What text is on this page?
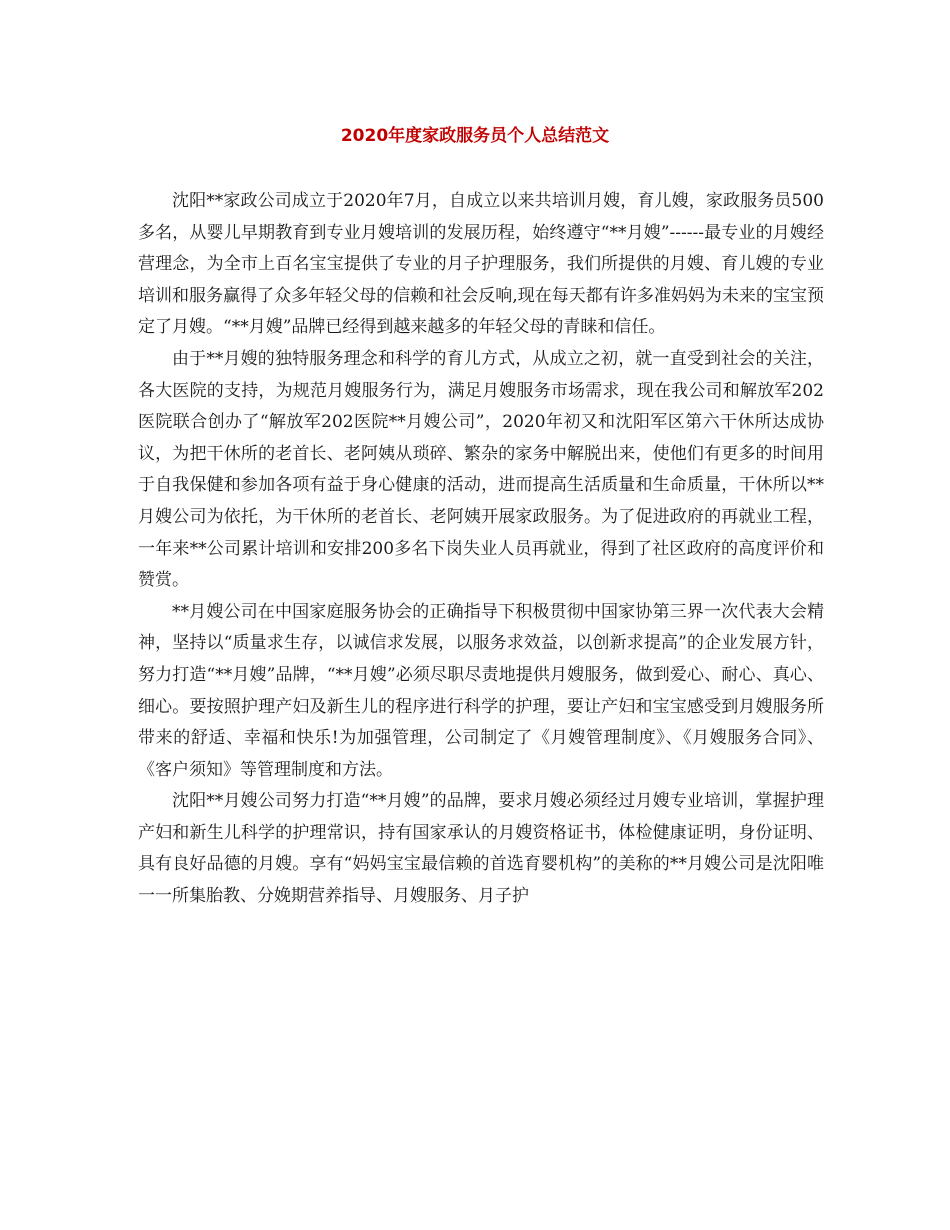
2020年度家政服务员个人总结范文

沈阳**家政公司成立于2020年7月，自成立以来共培训月嫂，育儿嫂，家政服务员500多名，从婴儿早期教育到专业月嫂培训的发展历程，始终遵守“**月嫂”------最专业的月嫂经营理念，为全市上百名宝宝提供了专业的月子护理服务，我们所提供的月嫂、育儿嫂的专业培训和服务赢得了众多年轻父母的信赖和社会反响,现在每天都有许多准妈妈为未来的宝宝预定了月嫂。“**月嫂”品牌已经得到越来越多的年轻父母的青睐和信任。

由于**月嫂的独特服务理念和科学的育儿方式，从成立之初，就一直受到社会的关注，各大医院的支持，为规范月嫂服务行为，满足月嫂服务市场需求，现在我公司和解放军202医院联合创办了“解放军202医院**月嫂公司”，2020年初又和沈阳军区第六干休所达成协议，为把干休所的老首长、老阿姨从琐碎、繁杂的家务中解脱出来，使他们有更多的时间用于自我保健和参加各项有益于身心健康的活动，进而提高生活质量和生命质量，干休所以**月嫂公司为依托，为干休所的老首长、老阿姨开展家政服务。为了促进政府的再就业工程，一年来**公司累计培训和安排200多名下岗失业人员再就业，得到了社区政府的高度评价和赞赏。

**月嫂公司在中国家庭服务协会的正确指导下积极贯彻中国家协第三界一次代表大会精神，坚持以“质量求生存，以诚信求发展，以服务求效益，以创新求提高”的企业发展方针，努力打造“**月嫂”品牌，“**月嫂”必须尽职尽责地提供月嫂服务，做到爱心、耐心、真心、细心。要按照护理产妇及新生儿的程序进行科学的护理，要让产妇和宝宝感受到月嫂服务所带来的舒适、幸福和快乐!为加强管理，公司制定了《月嫂管理制度》、《月嫂服务合同》、《客户须知》等管理制度和方法。

沈阳**月嫂公司努力打造“**月嫂”的品牌，要求月嫂必须经过月嫂专业培训，掌握护理产妇和新生儿科学的护理常识，持有国家承认的月嫂资格证书，体检健康证明，身份证明、具有良好品德的月嫂。享有“妈妈宝宝最信赖的首选育婴机构”的美称的**月嫂公司是沈阳唯一一所集胎教、分娩期营养指导、月嫂服务、月子护
